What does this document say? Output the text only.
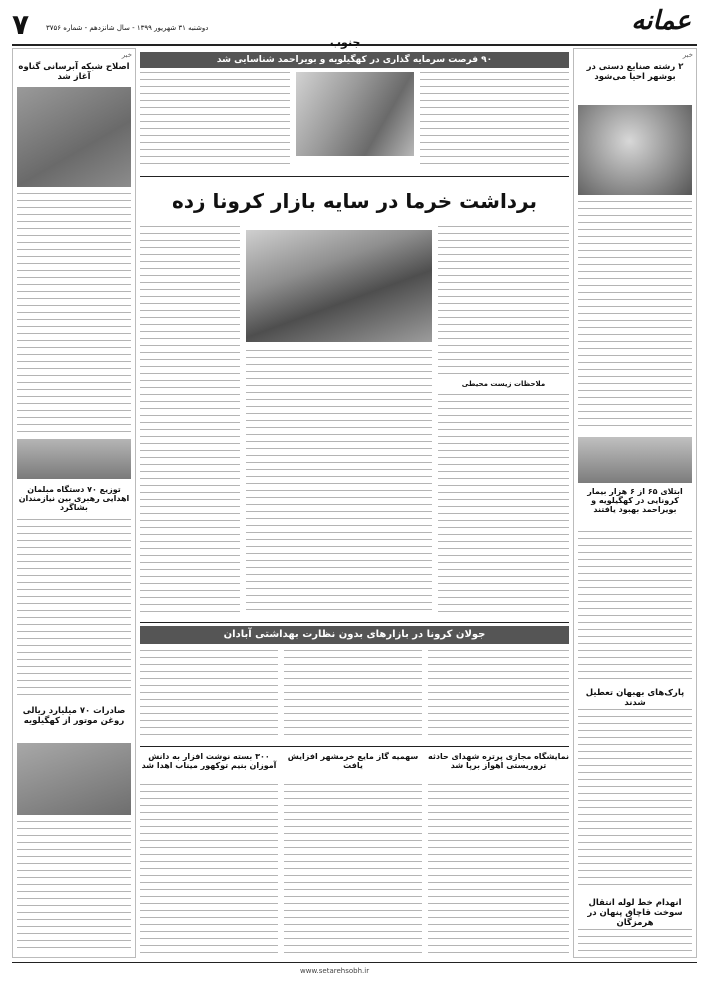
۷ دوشنبه ۳۱ شهریور ۱۳۹۹ - سال شانزدهم - شماره ۳۷۵۶
جنوب
عمانه
خبر
اصلاح شبکه آبرسانی گناوه آغاز شد
توزیع ۷۰ دستگاه مبلمان اهدایی رهبری بین نیازمندان بشاگرد
صادرات ۷۰ میلیارد ریالی روغن موتور از کهگیلویه
خبر
۲ رشته صنایع دستی در بوشهر احیا می‌شود
ابتلای ۶۵ از ۶ هزار بیمار کرونایی در کهگیلویه و بویراحمد بهبود یافتند
پارک‌های بهبهان تعطیل شدند
انهدام خط لوله انتقال سوخت قاچاق پنهان در هرمزگان
۹۰ فرصت سرمایه گذاری در کهگیلویه و بویراحمد شناسایی شد
برداشت خرما در سایه بازار کرونا زده
ملاحظات زیست محیطی
جولان کرونا در بازارهای بدون نظارت بهداشتی آبادان
نمایشگاه مجازی پرتره شهدای حادثه تروریستی اهواز برپا شد
سهمیه گاز مایع خرمشهر افزایش یافت
۳۰۰ بسته نوشت افزار به دانش آموزان بنیم توکهور میناب اهدا شد
www.setarehsobh.ir
